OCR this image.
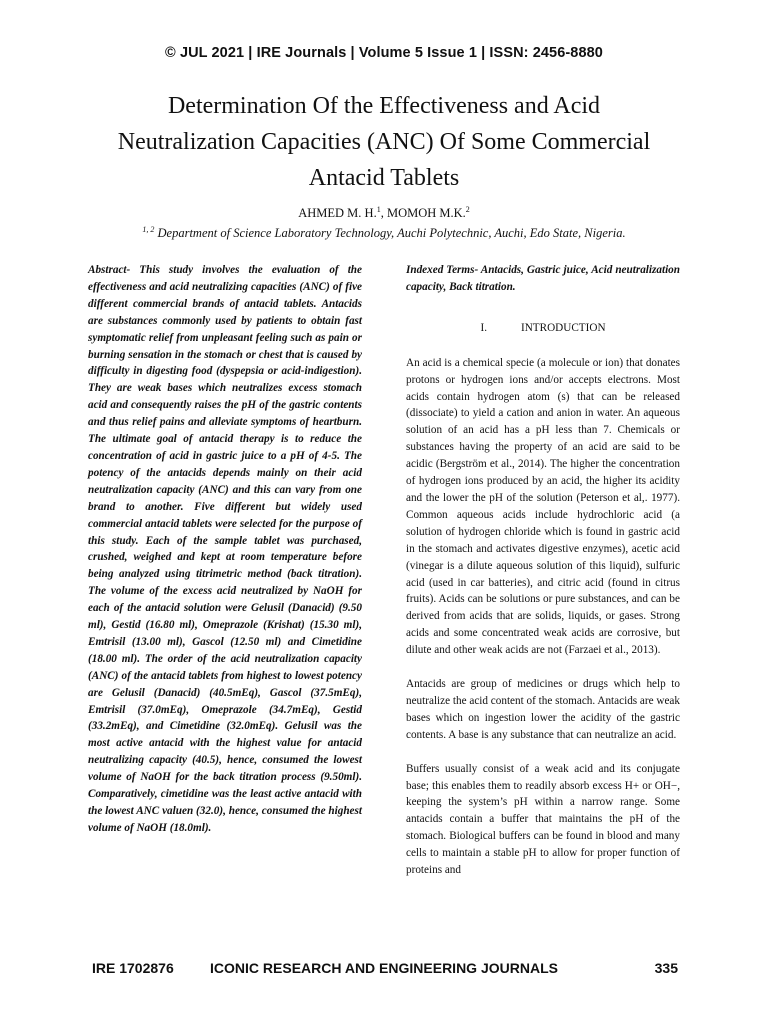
© JUL 2021 | IRE Journals | Volume 5 Issue 1 | ISSN: 2456-8880
Determination Of the Effectiveness and Acid
Neutralization Capacities (ANC) Of Some Commercial
Antacid Tablets
AHMED M. H.$^1$, MOMOH M.K.$^2$
$^{1, 2}$ Department of Science Laboratory Technology, Auchi Polytechnic, Auchi, Edo State, Nigeria.
Abstract- This study involves the evaluation of the effectiveness and acid neutralizing capacities (ANC) of five different commercial brands of antacid tablets. Antacids are substances commonly used by patients to obtain fast symptomatic relief from unpleasant feeling such as pain or burning sensation in the stomach or chest that is caused by difficulty in digesting food (dyspepsia or acid-indigestion). They are weak bases which neutralizes excess stomach acid and consequently raises the pH of the gastric contents and thus relief pains and alleviate symptoms of heartburn. The ultimate goal of antacid therapy is to reduce the concentration of acid in gastric juice to a pH of 4-5. The potency of the antacids depends mainly on their acid neutralization capacity (ANC) and this can vary from one brand to another. Five different but widely used commercial antacid tablets were selected for the purpose of this study. Each of the sample tablet was purchased, crushed, weighed and kept at room temperature before being analyzed using titrimetric method (back titration). The volume of the excess acid neutralized by NaOH for each of the antacid solution were Gelusil (Danacid) (9.50 ml), Gestid (16.80 ml), Omeprazole (Krishat) (15.30 ml), Emtrisil (13.00 ml), Gascol (12.50 ml) and Cimetidine (18.00 ml). The order of the acid neutralization capacity (ANC) of the antacid tablets from highest to lowest potency are Gelusil (Danacid) (40.5mEq), Gascol (37.5mEq), Emtrisil (37.0mEq), Omeprazole (34.7mEq), Gestid (33.2mEq), and Cimetidine (32.0mEq). Gelusil was the most active antacid with the highest value for antacid neutralizing capacity (40.5), hence, consumed the lowest volume of NaOH for the back titration process (9.50ml). Comparatively, cimetidine was the least active antacid with the lowest ANC valuen (32.0), hence, consumed the highest volume of NaOH (18.0ml).
Indexed Terms- Antacids, Gastric juice, Acid neutralization capacity, Back titration.
I.	INTRODUCTION

An acid is a chemical specie (a molecule or ion) that donates protons or hydrogen ions and/or accepts electrons. Most acids contain hydrogen atom (s) that can be released (dissociate) to yield a cation and anion in water. An aqueous solution of an acid has a pH less than 7. Chemicals or substances having the property of an acid are said to be acidic (Bergström et al., 2014). The higher the concentration of hydrogen ions produced by an acid, the higher its acidity and the lower the pH of the solution (Peterson et al,. 1977). Common aqueous acids include hydrochloric acid (a solution of hydrogen chloride which is found in gastric acid in the stomach and activates digestive enzymes), acetic acid (vinegar is a dilute aqueous solution of this liquid), sulfuric acid (used in car batteries), and citric acid (found in citrus fruits). Acids can be solutions or pure substances, and can be derived from acids that are solids, liquids, or gases. Strong acids and some concentrated weak acids are corrosive, but dilute and other weak acids are not (Farzaei et al., 2013).

Antacids are group of medicines or drugs which help to neutralize the acid content of the stomach. Antacids are weak bases which on ingestion lower the acidity of the gastric contents. A base is any substance that can neutralize an acid.

Buffers usually consist of a weak acid and its conjugate base; this enables them to readily absorb excess H+ or OH−, keeping the system’s pH within a narrow range. Some antacids contain a buffer that maintains the pH of the stomach. Biological buffers can be found in blood and many cells to maintain a stable pH to allow for proper function of proteins and

IRE 1702876	ICONIC RESEARCH AND ENGINEERING JOURNALS	335
